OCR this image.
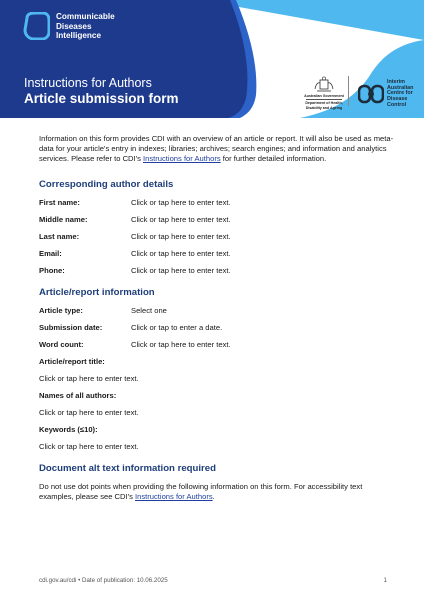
Communicable
Diseases
Intelligence
Instructions for Authors
Article submission form	Australian Government
Department of Health,
Disability and Ageing
Interim
Australian
Centre for
Disease
Control

Information on this form provides CDI with an overview of an article or report. It will also be used as meta-data for your article's entry in indexes; libraries; archives; search engines; and information and analytics services. Please refer to CDI's Instructions for Authors for further detailed information.

Corresponding author details
First name:	Click or tap here to enter text.
Middle name:	Click or tap here to enter text.
Last name:	Click or tap here to enter text.
Email:	Click or tap here to enter text.
Phone:	Click or tap here to enter text.
Article/report information
Article type:	Select one
Submission date:	Click or tap to enter a date.
Word count:	Click or tap here to enter text.
Article/report title:
Click or tap here to enter text.
Names of all authors:
Click or tap here to enter text.
Keywords (≤10):
Click or tap here to enter text.
Document alt text information required

Do not use dot points when providing the following information on this form. For accessibility text examples, please see CDI's Instructions for Authors.

cdi.gov.au/cdi • Date of publication: 10.06.2025	1
